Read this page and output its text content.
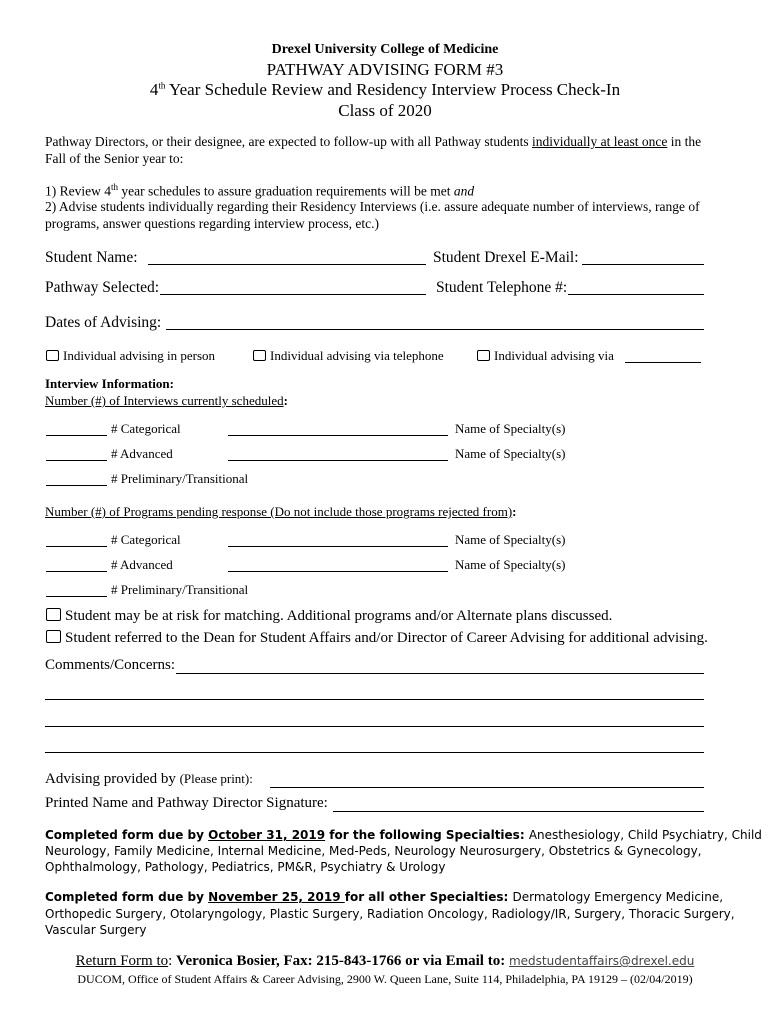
Drexel University College of Medicine
PATHWAY ADVISING FORM #3
4th Year Schedule Review and Residency Interview Process Check-In
Class of 2020
Pathway Directors, or their designee, are expected to follow-up with all Pathway students individually at least once in the
Fall of the Senior year to:
1) Review 4th year schedules to assure graduation requirements will be met and
2) Advise students individually regarding their Residency Interviews (i.e. assure adequate number of interviews, range of
programs, answer questions regarding interview process, etc.)
Student Name:	Student Drexel E-Mail:
Pathway Selected:	Student Telephone #:
Dates of Advising:
Individual advising in person	Individual advising via telephone	Individual advising via
Interview Information:
Number (#) of Interviews currently scheduled:
# Categorical	Name of Specialty(s)
# Advanced	Name of Specialty(s)
# Preliminary/Transitional
Number (#) of Programs pending response (Do not include those programs rejected from):
# Categorical	Name of Specialty(s)
# Advanced	Name of Specialty(s)
# Preliminary/Transitional
Student may be at risk for matching. Additional programs and/or Alternate plans discussed.
Student referred to the Dean for Student Affairs and/or Director of Career Advising for additional advising.
Comments/Concerns:
Advising provided by (Please print):
Printed Name and Pathway Director Signature:
Completed form due by October 31, 2019 for the following Specialties: Anesthesiology, Child Psychiatry, Child
Neurology, Family Medicine, Internal Medicine, Med-Peds, Neurology Neurosurgery, Obstetrics & Gynecology,
Ophthalmology, Pathology, Pediatrics, PM&R, Psychiatry & Urology
Completed form due by November 25, 2019 for all other Specialties: Dermatology Emergency Medicine,
Orthopedic Surgery, Otolaryngology, Plastic Surgery, Radiation Oncology, Radiology/IR, Surgery, Thoracic Surgery,
Vascular Surgery
Return Form to: Veronica Bosier, Fax: 215-843-1766 or via Email to: medstudentaffairs@drexel.edu
DUCOM, Office of Student Affairs & Career Advising, 2900 W. Queen Lane, Suite 114, Philadelphia, PA 19129 – (02/04/2019)
